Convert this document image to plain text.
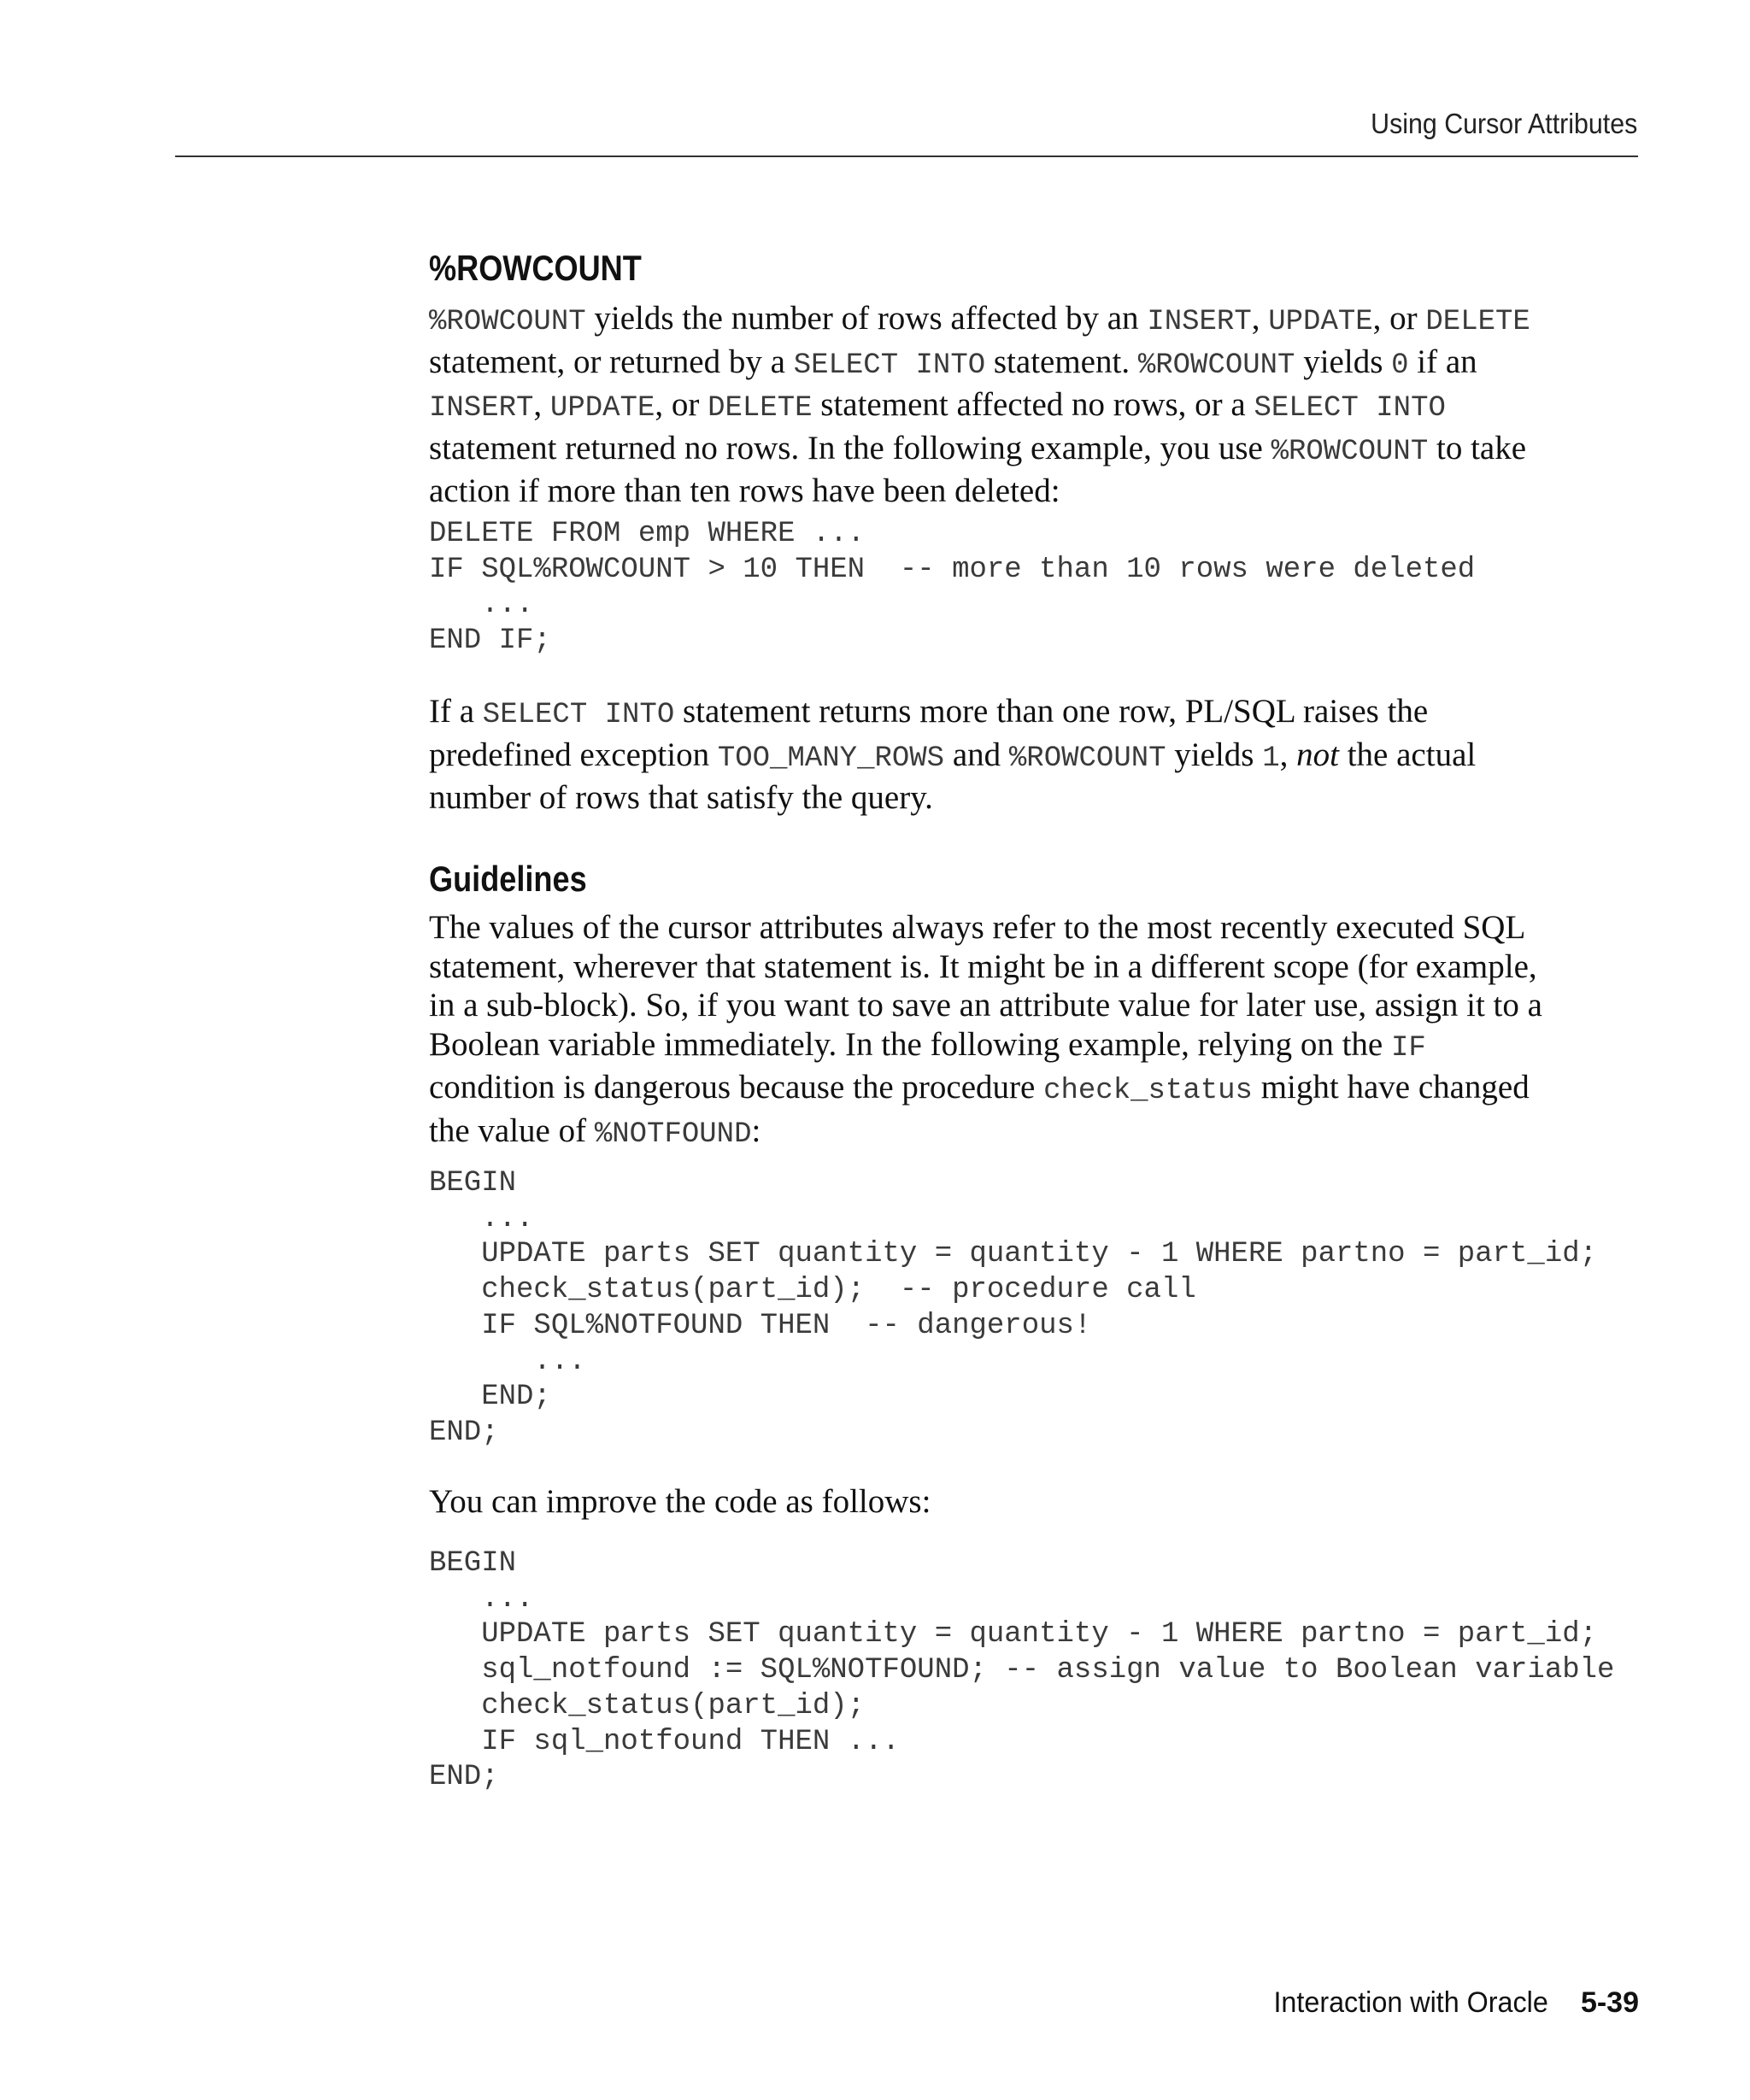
Using Cursor Attributes
%ROWCOUNT
%ROWCOUNT yields the number of rows affected by an INSERT, UPDATE, or DELETE
statement, or returned by a SELECT INTO statement. %ROWCOUNT yields 0 if an
INSERT, UPDATE, or DELETE statement affected no rows, or a SELECT INTO
statement returned no rows. In the following example, you use %ROWCOUNT to take
action if more than ten rows have been deleted:
DELETE FROM emp WHERE ...
IF SQL%ROWCOUNT > 10 THEN  -- more than 10 rows were deleted
...
END IF;
If a SELECT INTO statement returns more than one row, PL/SQL raises the
predefined exception TOO_MANY_ROWS and %ROWCOUNT yields 1, not the actual
number of rows that satisfy the query.
Guidelines
The values of the cursor attributes always refer to the most recently executed SQL
statement, wherever that statement is. It might be in a different scope (for example,
in a sub-block). So, if you want to save an attribute value for later use, assign it to a
Boolean variable immediately. In the following example, relying on the IF
condition is dangerous because the procedure check_status might have changed
the value of %NOTFOUND:
BEGIN
...
UPDATE parts SET quantity = quantity - 1 WHERE partno = part_id;
check_status(part_id);  -- procedure call
IF SQL%NOTFOUND THEN  -- dangerous!
...
END;
END;
You can improve the code as follows:
BEGIN
...
UPDATE parts SET quantity = quantity - 1 WHERE partno = part_id;
sql_notfound := SQL%NOTFOUND; -- assign value to Boolean variable
check_status(part_id);
IF sql_notfound THEN ...
END;
Interaction with Oracle 5-39
